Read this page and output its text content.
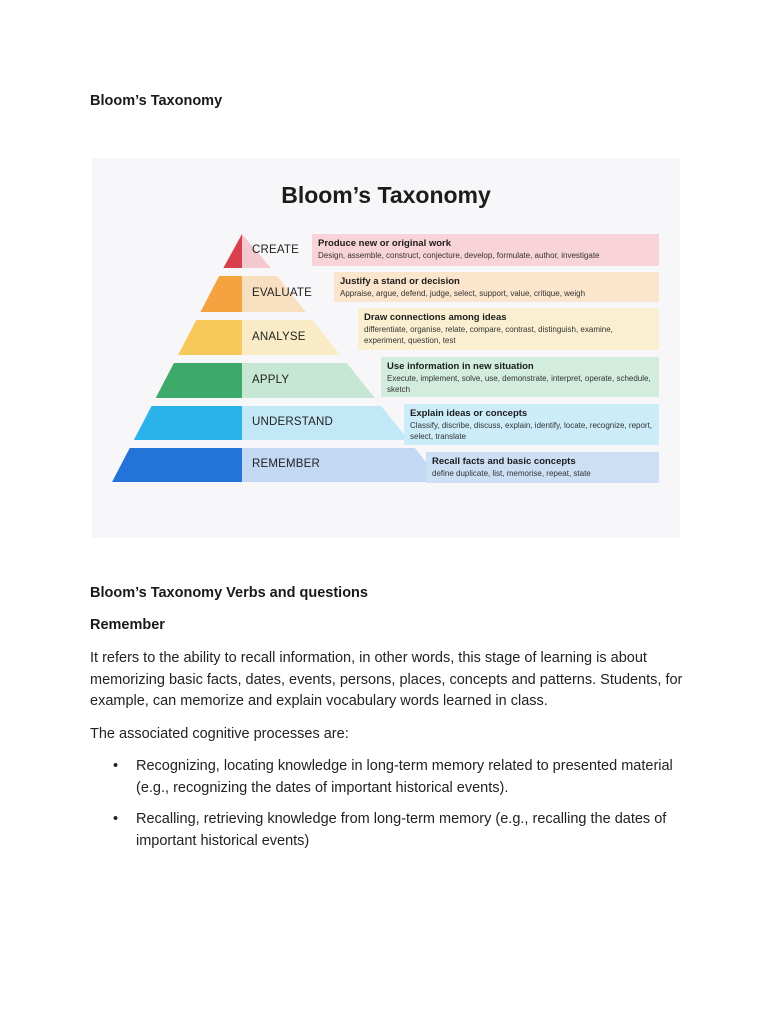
Bloom’s Taxonomy
Bloom’s Taxonomy
CREATE
EVALUATE
ANALYSE
APPLY
UNDERSTAND
REMEMBER
Produce new or original work
Design, assemble, construct, conjecture, develop, formulate, author, investigate
Justify a stand or decision
Appraise, argue, defend, judge, select, support, value, critique, weigh
Draw connections among ideas
differentiate, organise, relate, compare, contrast, distinguish, examine, experiment, question, test
Use information in new situation
Execute, implement, solve, use, demonstrate, interpret, operate, schedule, sketch
Explain ideas or concepts
Classify, discribe, discuss, explain, identify, locate, recognize, report, select, translate
Recall facts and basic concepts
define duplicate, list, memorise, repeat, state
Bloom’s Taxonomy Verbs and questions
Remember

It refers to the ability to recall information, in other words, this stage of learning is about memorizing basic facts, dates, events, persons, places, concepts and patterns. Students, for example, can memorize and explain vocabulary words learned in class.

The associated cognitive processes are:

• Recognizing, locating knowledge in long-term memory related to presented material (e.g., recognizing the dates of important historical events).
• Recalling, retrieving knowledge from long-term memory (e.g., recalling the dates of important historical events)
